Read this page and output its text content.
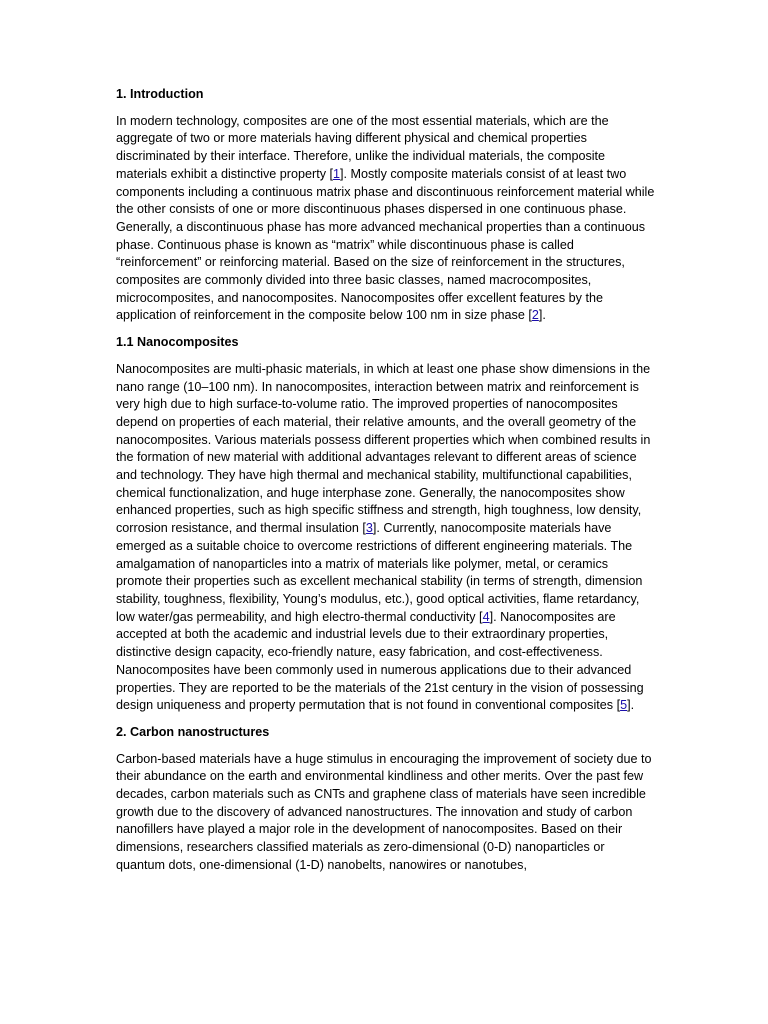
1. Introduction

In modern technology, composites are one of the most essential materials, which are the aggregate of two or more materials having different physical and chemical properties discriminated by their interface. Therefore, unlike the individual materials, the composite materials exhibit a distinctive property [1]. Mostly composite materials consist of at least two components including a continuous matrix phase and discontinuous reinforcement material while the other consists of one or more discontinuous phases dispersed in one continuous phase. Generally, a discontinuous phase has more advanced mechanical properties than a continuous phase. Continuous phase is known as “matrix” while discontinuous phase is called “reinforcement” or reinforcing material. Based on the size of reinforcement in the structures, composites are commonly divided into three basic classes, named macrocomposites, microcomposites, and nanocomposites. Nanocomposites offer excellent features by the application of reinforcement in the composite below 100 nm in size phase [2].

1.1 Nanocomposites

Nanocomposites are multi-phasic materials, in which at least one phase show dimensions in the nano range (10–100 nm). In nanocomposites, interaction between matrix and reinforcement is very high due to high surface-to-volume ratio. The improved properties of nanocomposites depend on properties of each material, their relative amounts, and the overall geometry of the nanocomposites. Various materials possess different properties which when combined results in the formation of new material with additional advantages relevant to different areas of science and technology. They have high thermal and mechanical stability, multifunctional capabilities, chemical functionalization, and huge interphase zone. Generally, the nanocomposites show enhanced properties, such as high specific stiffness and strength, high toughness, low density, corrosion resistance, and thermal insulation [3]. Currently, nanocomposite materials have emerged as a suitable choice to overcome restrictions of different engineering materials. The amalgamation of nanoparticles into a matrix of materials like polymer, metal, or ceramics promote their properties such as excellent mechanical stability (in terms of strength, dimension stability, toughness, flexibility, Young’s modulus, etc.), good optical activities, flame retardancy, low water/gas permeability, and high electro-thermal conductivity [4]. Nanocomposites are accepted at both the academic and industrial levels due to their extraordinary properties, distinctive design capacity, eco-friendly nature, easy fabrication, and cost-effectiveness. Nanocomposites have been commonly used in numerous applications due to their advanced properties. They are reported to be the materials of the 21st century in the vision of possessing design uniqueness and property permutation that is not found in conventional composites [5].

2. Carbon nanostructures

Carbon-based materials have a huge stimulus in encouraging the improvement of society due to their abundance on the earth and environmental kindliness and other merits. Over the past few decades, carbon materials such as CNTs and graphene class of materials have seen incredible growth due to the discovery of advanced nanostructures. The innovation and study of carbon nanofillers have played a major role in the development of nanocomposites. Based on their dimensions, researchers classified materials as zero-dimensional (0-D) nanoparticles or quantum dots, one-dimensional (1-D) nanobelts, nanowires or nanotubes,
